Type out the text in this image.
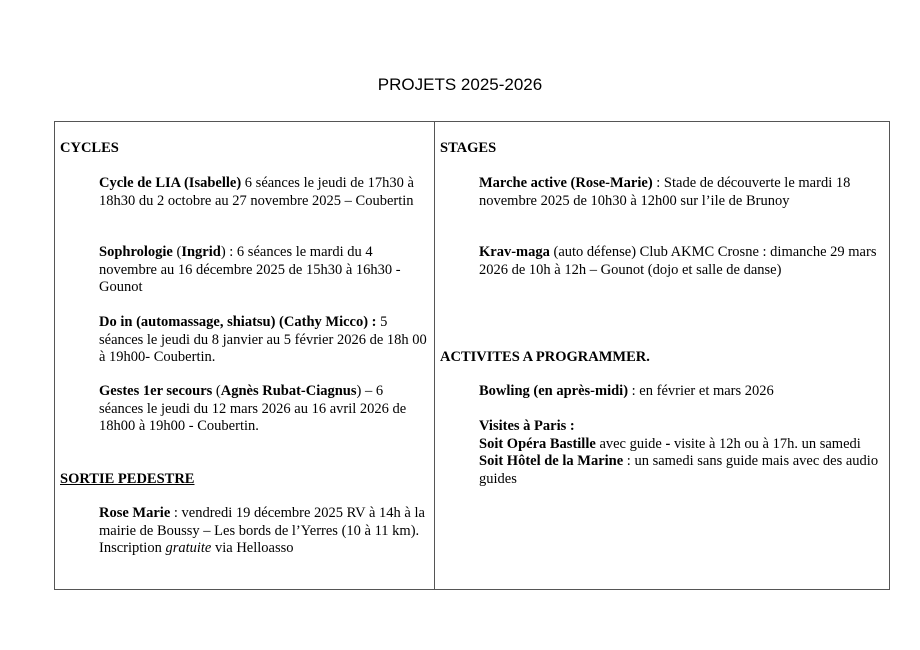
PROJETS 2025-2026
CYCLES
Cycle de LIA (Isabelle) 6 séances le jeudi de 17h30 à 18h30 du 2 octobre au 27 novembre 2025 – Coubertin
Sophrologie (Ingrid) : 6 séances le mardi du 4 novembre au 16 décembre 2025 de 15h30 à 16h30 - Gounot
Do in (automassage, shiatsu) (Cathy Micco) : 5 séances le jeudi du 8 janvier au 5 février 2026 de 18h 00 à 19h00- Coubertin.
Gestes 1er secours (Agnès Rubat-Ciagnus) – 6 séances le jeudi du 12 mars 2026 au 16 avril 2026 de 18h00 à 19h00 - Coubertin.
SORTIE PEDESTRE
Rose Marie : vendredi 19 décembre 2025 RV à 14h à la mairie de Boussy – Les bords de l’Yerres (10 à 11 km). Inscription gratuite via Helloasso
STAGES
Marche active (Rose-Marie) : Stade de découverte le mardi 18 novembre 2025 de 10h30 à 12h00 sur l’ile de Brunoy
Krav-maga (auto défense) Club AKMC Crosne : dimanche 29 mars 2026 de 10h à 12h – Gounot (dojo et salle de danse)
ACTIVITES A PROGRAMMER.
Bowling (en après-midi) : en février et mars 2026
Visites à Paris :
Soit Opéra Bastille avec guide - visite à 12h ou à 17h. un samedi
Soit Hôtel de la Marine : un samedi sans guide mais avec des audio guides
